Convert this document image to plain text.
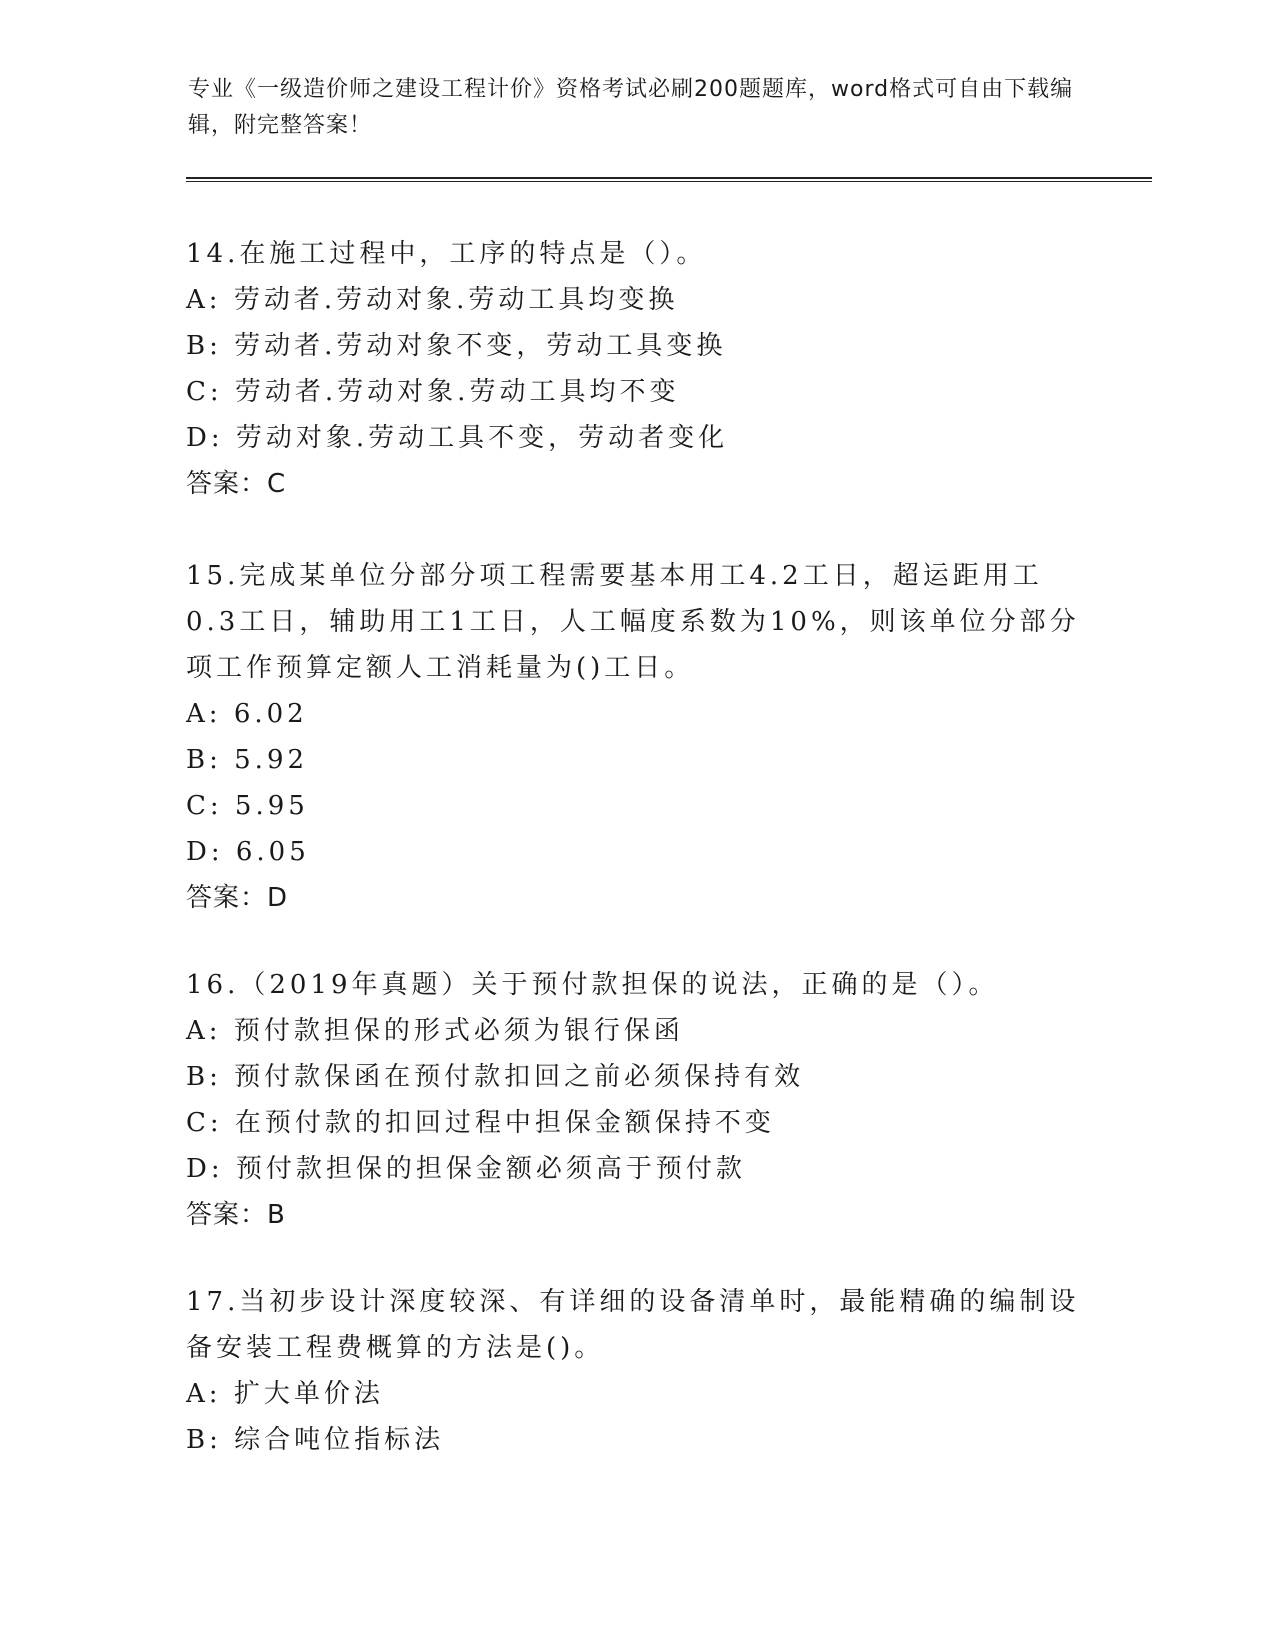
专业《一级造价师之建设工程计价》资格考试必刷200题题库，word格式可自由下载编辑，附完整答案！
14.在施工过程中，工序的特点是（）。
A: 劳动者.劳动对象.劳动工具均变换
B: 劳动者.劳动对象不变，劳动工具变换
C: 劳动者.劳动对象.劳动工具均不变
D: 劳动对象.劳动工具不变，劳动者变化
答案：C
15.完成某单位分部分项工程需要基本用工4.2工日，超运距用工0.3工日，辅助用工1工日，人工幅度系数为10%，则该单位分部分项工作预算定额人工消耗量为()工日。
A: 6.02
B: 5.92
C: 5.95
D: 6.05
答案：D
16.（2019年真题）关于预付款担保的说法，正确的是（）。
A: 预付款担保的形式必须为银行保函
B: 预付款保函在预付款扣回之前必须保持有效
C: 在预付款的扣回过程中担保金额保持不变
D: 预付款担保的担保金额必须高于预付款
答案：B
17.当初步设计深度较深、有详细的设备清单时，最能精确的编制设备安装工程费概算的方法是()。
A: 扩大单价法
B: 综合吨位指标法
